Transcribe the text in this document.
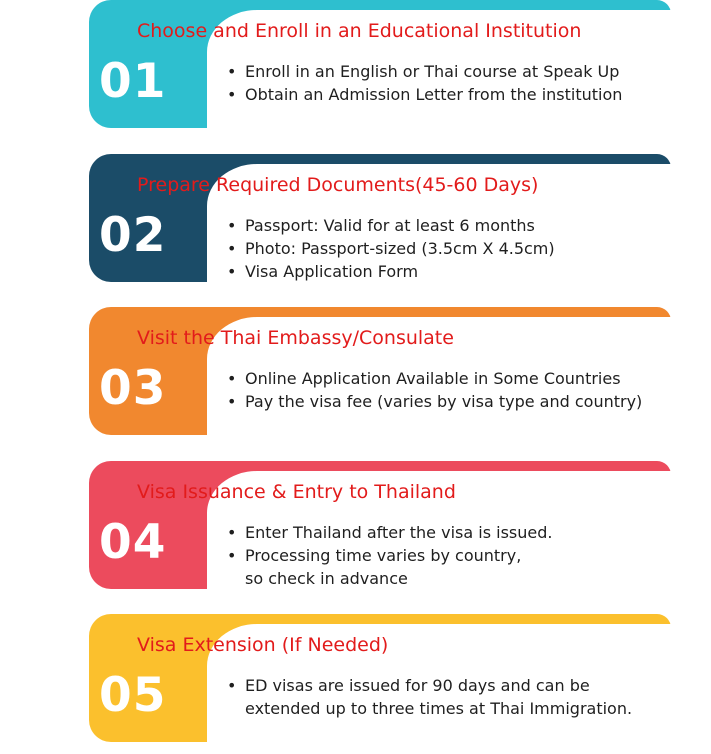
01
Choose and Enroll in an Educational Institution
• Enroll in an English or Thai course at Speak Up
• Obtain an Admission Letter from the institution
02
Prepare Required Documents(45-60 Days)
• Passport: Valid for at least 6 months
• Photo: Passport-sized (3.5cm X 4.5cm)
• Visa Application Form
03
Visit the Thai Embassy/Consulate
• Online Application Available in Some Countries
• Pay the visa fee (varies by visa type and country)
04
Visa Issuance & Entry to Thailand
• Enter Thailand after the visa is issued.
• Processing time varies by country,
so check in advance
05
Visa Extension (If Needed)
• ED visas are issued for 90 days and can be
extended up to three times at Thai Immigration.
